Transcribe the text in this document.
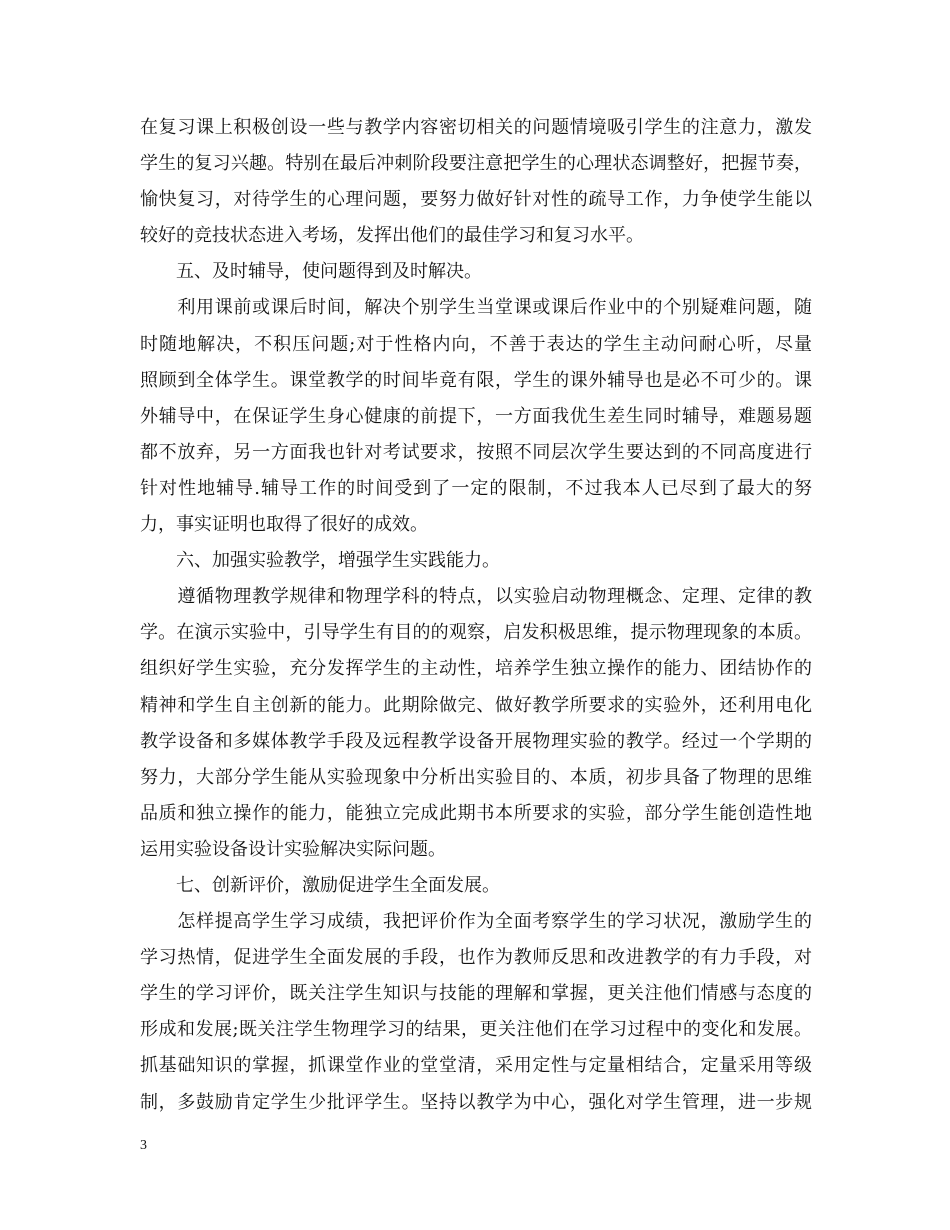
在复习课上积极创设一些与教学内容密切相关的问题情境吸引学生的注意力，激发
学生的复习兴趣。特别在最后冲刺阶段要注意把学生的心理状态调整好，把握节奏，
愉快复习，对待学生的心理问题，要努力做好针对性的疏导工作，力争使学生能以
较好的竞技状态进入考场，发挥出他们的最佳学习和复习水平。
　　五、及时辅导，使问题得到及时解决。
　　利用课前或课后时间，解决个别学生当堂课或课后作业中的个别疑难问题，随
时随地解决，不积压问题;对于性格内向，不善于表达的学生主动问耐心听，尽量
照顾到全体学生。课堂教学的时间毕竟有限，学生的课外辅导也是必不可少的。课
外辅导中，在保证学生身心健康的前提下，一方面我优生差生同时辅导，难题易题
都不放弃，另一方面我也针对考试要求，按照不同层次学生要达到的不同高度进行
针对性地辅导.辅导工作的时间受到了一定的限制，不过我本人已尽到了最大的努
力，事实证明也取得了很好的成效。
　　六、加强实验教学，增强学生实践能力。
　　遵循物理教学规律和物理学科的特点，以实验启动物理概念、定理、定律的教
学。在演示实验中，引导学生有目的的观察，启发积极思维，提示物理现象的本质。
组织好学生实验，充分发挥学生的主动性，培养学生独立操作的能力、团结协作的
精神和学生自主创新的能力。此期除做完、做好教学所要求的实验外，还利用电化
教学设备和多媒体教学手段及远程教学设备开展物理实验的教学。经过一个学期的
努力，大部分学生能从实验现象中分析出实验目的、本质，初步具备了物理的思维
品质和独立操作的能力，能独立完成此期书本所要求的实验，部分学生能创造性地
运用实验设备设计实验解决实际问题。
　　七、创新评价，激励促进学生全面发展。
　　怎样提高学生学习成绩，我把评价作为全面考察学生的学习状况，激励学生的
学习热情，促进学生全面发展的手段，也作为教师反思和改进教学的有力手段，对
学生的学习评价，既关注学生知识与技能的理解和掌握，更关注他们情感与态度的
形成和发展;既关注学生物理学习的结果，更关注他们在学习过程中的变化和发展。
抓基础知识的掌握，抓课堂作业的堂堂清，采用定性与定量相结合，定量采用等级
制，多鼓励肯定学生少批评学生。坚持以教学为中心，强化对学生管理，进一步规
3
